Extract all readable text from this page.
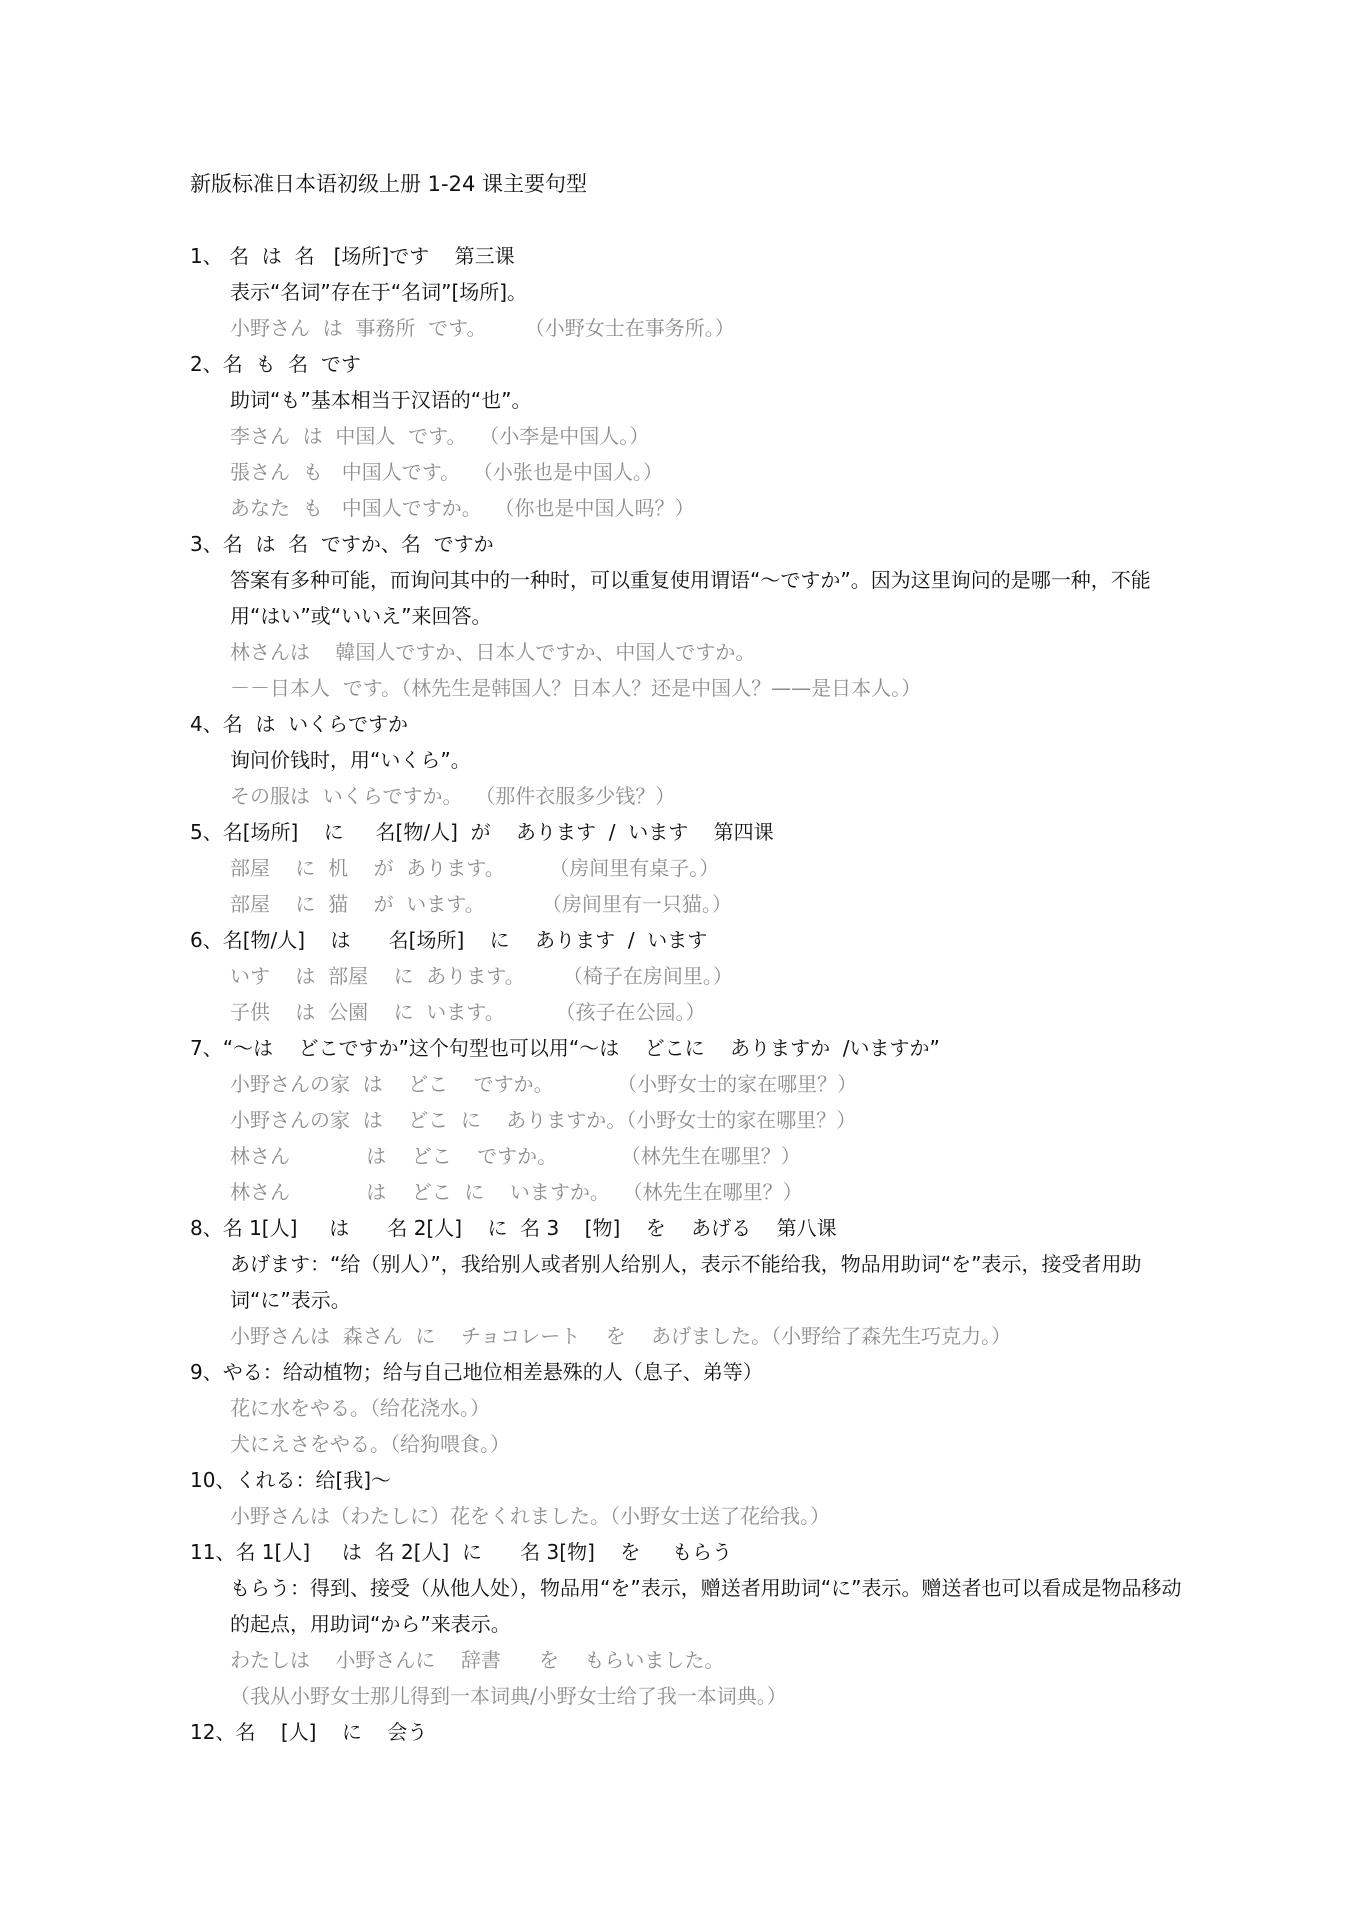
新版标准日本语初级上册 1-24 课主要句型
1、 名  は  名   [场所]です    第三课
表示“名词”存在于“名词”[场所]。
小野さん  は  事務所  です。      （小野女士在事务所。）
2、名  も  名  です
助词“も”基本相当于汉语的“也”。
李さん  は  中国人  です。  （小李是中国人。）
張さん  も   中国人です。  （小张也是中国人。）
あなた  も   中国人ですか。  （你也是中国人吗？）
3、名  は  名  ですか、名  ですか
答案有多种可能，而询问其中的一种时，可以重复使用谓语“～ですか”。因为这里询问的是哪一种，不能用“はい”或“いいえ”来回答。
林さんは    韓国人ですか、日本人ですか、中国人ですか。
－－日本人  です。（林先生是韩国人？日本人？还是中国人？——是日本人。）
4、名  は  いくらですか
询问价钱时，用“いくら”。
その服は  いくらですか。  （那件衣服多少钱？）
5、名[场所]    に     名[物/人]  が    あります  /  います    第四课
部屋    に  机    が  あります。       （房间里有桌子。）
部屋    に  猫    が  います。         （房间里有一只猫。）
6、名[物/人]    は      名[场所]    に    あります  /  います
いす    は  部屋    に  あります。      （椅子在房间里。）
子供    は  公園    に  います。        （孩子在公园。）
7、“～は    どこですか”这个句型也可以用“～は    どこに    ありますか  /いますか”
小野さんの家  は    どこ    ですか。          （小野女士的家在哪里？）
小野さんの家  は    どこ  に    ありますか。（小野女士的家在哪里？）
林さん            は    どこ    ですか。          （林先生在哪里？）
林さん            は    どこ  に    いますか。  （林先生在哪里？）
8、名 1[人]     は      名 2[人]    に  名 3    [物]    を    あげる    第八课
あげます：“给（别人）”，我给别人或者别人给别人，表示不能给我，物品用助词“を”表示，接受者用助词“に”表示。
小野さんは  森さん  に    チョコレート    を    あげました。（小野给了森先生巧克力。）
9、やる：给动植物；给与自己地位相差悬殊的人（息子、弟等）
花に水をやる。（给花浇水。）
犬にえさをやる。（给狗喂食。）
10、くれる：给[我]～
小野さんは（わたしに）花をくれました。（小野女士送了花给我。）
11、名 1[人]     は  名 2[人]  に      名 3[物]    を     もらう
もらう：得到、接受（从他人处），物品用“を”表示，赠送者用助词“に”表示。赠送者也可以看成是物品移动的起点，用助词“から”来表示。
わたしは    小野さんに    辞書      を    もらいました。
（我从小野女士那儿得到一本词典/小野女士给了我一本词典。）
12、名    [人]    に    会う
